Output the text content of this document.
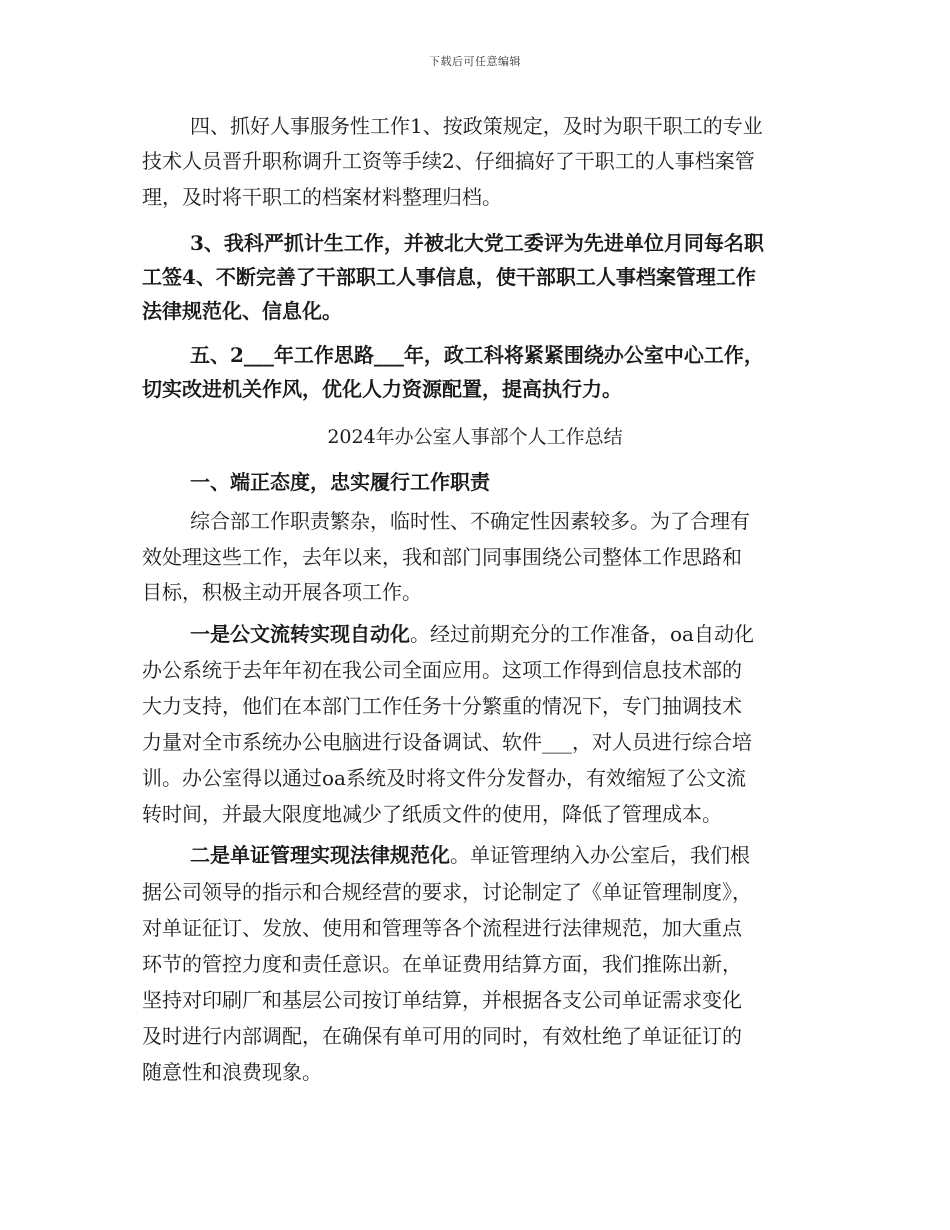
下载后可任意编辑
四、抓好人事服务性工作1、按政策规定，及时为职干职工的专业
技术人员晋升职称调升工资等手续2、仔细搞好了干职工的人事档案管
理，及时将干职工的档案材料整理归档。
3、我科严抓计生工作，并被北大党工委评为先进单位月同每名职
工签4、不断完善了干部职工人事信息，使干部职工人事档案管理工作
法律规范化、信息化。
五、2___年工作思路___年，政工科将紧紧围绕办公室中心工作，
切实改进机关作风，优化人力资源配置，提高执行力。
2024年办公室人事部个人工作总结
一、端正态度，忠实履行工作职责
综合部工作职责繁杂，临时性、不确定性因素较多。为了合理有
效处理这些工作，去年以来，我和部门同事围绕公司整体工作思路和
目标，积极主动开展各项工作。
一是公文流转实现自动化。经过前期充分的工作准备，oa自动化
办公系统于去年年初在我公司全面应用。这项工作得到信息技术部的
大力支持，他们在本部门工作任务十分繁重的情况下，专门抽调技术
力量对全市系统办公电脑进行设备调试、软件___，对人员进行综合培
训。办公室得以通过oa系统及时将文件分发督办，有效缩短了公文流
转时间，并最大限度地减少了纸质文件的使用，降低了管理成本。
二是单证管理实现法律规范化。单证管理纳入办公室后，我们根
据公司领导的指示和合规经营的要求，讨论制定了《单证管理制度》，
对单证征订、发放、使用和管理等各个流程进行法律规范，加大重点
环节的管控力度和责任意识。在单证费用结算方面，我们推陈出新，
坚持对印刷厂和基层公司按订单结算，并根据各支公司单证需求变化
及时进行内部调配，在确保有单可用的同时，有效杜绝了单证征订的
随意性和浪费现象。
